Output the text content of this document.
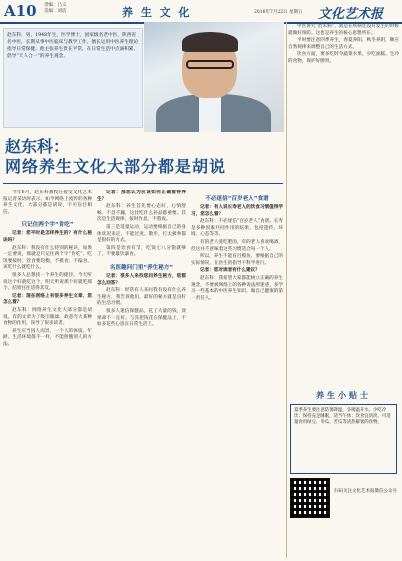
A10 责编：吕义
美编：刘洁	养 生 文 化	2016年7月22日 星期五 文化艺术报
赵东科，男，1948年生，医学博士，国家级名老中医，陕西省名中医，长期从事中医临床与教学工作，擅长运用中医养生理论指导日常保健。他主张养生贵在平常，在日常生活中点滴积累，倡导“天人合一”的养生观念。
赵东科：
网络养生文化大部分都是胡说

今年6月，赵东科教授在接受文化艺术报记者采访时表示，如今网络上流传的各种养生文化，大部分都是胡说，不可盲目相信。

只记住两个字“肯吃”

记者：您平时是怎样养生的？有什么秘诀吗？

赵东科：我没有什么特别的秘诀，如果一定要说，那就是只记住两个字“肯吃”。吃饭要按时，饮食要均衡，不挑食、不偏食，该吃什么就吃什么。

很多人总想找一个养生的捷径，今天听说这个好就吃这个，明天听说那个好就吃那个，结果往往适得其反。

记者：现在网络上有很多养生文章，您怎么看？

赵东科：网络养生文化大部分都是胡说。有的文章为了吸引眼球，故意夸大某种食物的作用，误导了很多读者。

养生应当因人而异，一个人的体质、年龄、生活环境都不一样，不能照搬别人的方法。

记者：那您认为应该如何正确看待养生？

赵东科：养生首先要心态好，心情舒畅、不急不躁，这比吃什么补品都重要。其次是生活规律，按时作息，不熬夜。

第三是适量运动，运动要根据自己的身体状况来定，不能过度。散步、打太极拳都是很好的方式。

第四是饮食有节，吃饭七八分饱就够了，不要暴饮暴食。

名医趣问门里“养生秘方”

记者：很多人来找您问养生秘方，您都怎么回答？

赵东科：经常有人来问我有没有什么养生秘方，我告诉他们，最好的秘方就是良好的生活习惯。

很多人迷信保健品，花了大量的钱，效果却不一定好。与其把钱花在保健品上，不如多花些心思在日常生活上。

不必迷信“百岁老人”食谱

记者：有人说长寿老人的饮食习惯值得学习，您怎么看？

赵东科：不必迷信“百岁老人”食谱。长寿是多种因素共同作用的结果，包括遗传、环境、心态等等。

有的老人爱吃肥肉，有的老人喜欢喝酒，但这并不意味着这些习惯适合每一个人。

所以，养生不能盲目模仿，要根据自己的实际情况，在医生的指导下科学进行。

记者：您对读者有什么建议？

赵东科：我希望大家都能树立正确的养生观念，不要被网络上的各种说法所迷惑，多学习一些基本的中医养生知识，做自己健康的第一责任人。

中医讲究“治未病”，就是在疾病还没有发生的时候就做好预防。这也是养生的核心思想所在。

平时要注意四季养生，春夏养阳，秋冬养阴，顺应自然规律来调整自己的生活方式。

饮食方面，要多吃时令蔬菜水果，少吃油腻、生冷的食物，保护好脾胃。

养生小贴士
夏季养生要注意防暑降温，多喝温开水，少吃冷饮；保持充足睡眠，适当午休；饮食宜清淡，可适量食用绿豆、冬瓜、苦瓜等清热解暑的食物。
扫码关注文化艺术报微信公众号
